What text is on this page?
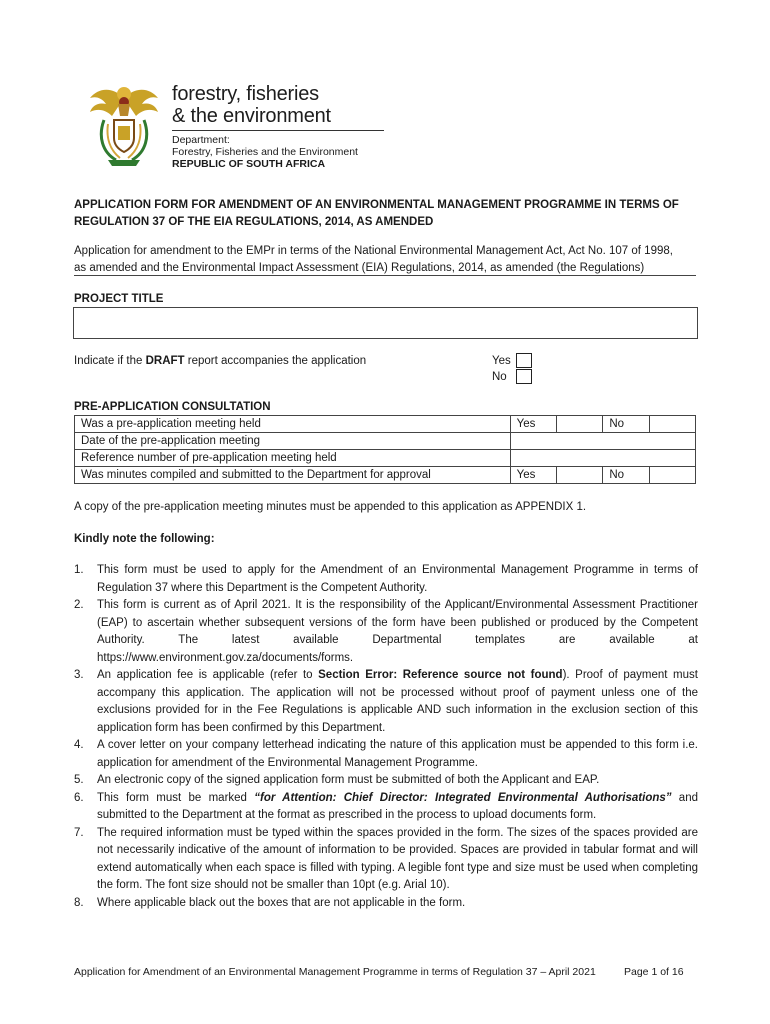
forestry, fisheries
& the environment
Department:
Forestry, Fisheries and the Environment
REPUBLIC OF SOUTH AFRICA
APPLICATION FORM FOR AMENDMENT OF AN ENVIRONMENTAL MANAGEMENT PROGRAMME IN TERMS OF
REGULATION 37 OF THE EIA REGULATIONS, 2014, AS AMENDED
Application for amendment to the EMPr in terms of the National Environmental Management Act, Act No. 107 of 1998,
as amended and the Environmental Impact Assessment (EIA) Regulations, 2014, as amended (the Regulations)
PROJECT TITLE
Indicate if the DRAFT report accompanies the application	Yes
No
PRE-APPLICATION CONSULTATION
Was a pre-application meeting held	Yes		No	
Date of the pre-application meeting				
Reference number of pre-application meeting held				
Was minutes compiled and submitted to the Department for approval	Yes		No	
A copy of the pre-application meeting minutes must be appended to this application as APPENDIX 1.
Kindly note the following:
1. This form must be used to apply for the Amendment of an Environmental Management Programme in terms of Regulation 37 where this Department is the Competent Authority.
2. This form is current as of April 2021. It is the responsibility of the Applicant/Environmental Assessment Practitioner (EAP) to ascertain whether subsequent versions of the form have been published or produced by the Competent Authority. The latest available Departmental templates are available at https://www.environment.gov.za/documents/forms.
3. An application fee is applicable (refer to Section Error: Reference source not found). Proof of payment must accompany this application. The application will not be processed without proof of payment unless one of the exclusions provided for in the Fee Regulations is applicable AND such information in the exclusion section of this application form has been confirmed by this Department.
4. A cover letter on your company letterhead indicating the nature of this application must be appended to this form i.e. application for amendment of the Environmental Management Programme.
5. An electronic copy of the signed application form must be submitted of both the Applicant and EAP.
6. This form must be marked “for Attention: Chief Director: Integrated Environmental Authorisations” and submitted to the Department at the format as prescribed in the process to upload documents form.
7. The required information must be typed within the spaces provided in the form. The sizes of the spaces provided are not necessarily indicative of the amount of information to be provided. Spaces are provided in tabular format and will extend automatically when each space is filled with typing. A legible font type and size must be used when completing the form. The font size should not be smaller than 10pt (e.g. Arial 10).
8. Where applicable black out the boxes that are not applicable in the form.
Application for Amendment of an Environmental Management Programme in terms of Regulation 37 – April 2021	Page 1 of 16
